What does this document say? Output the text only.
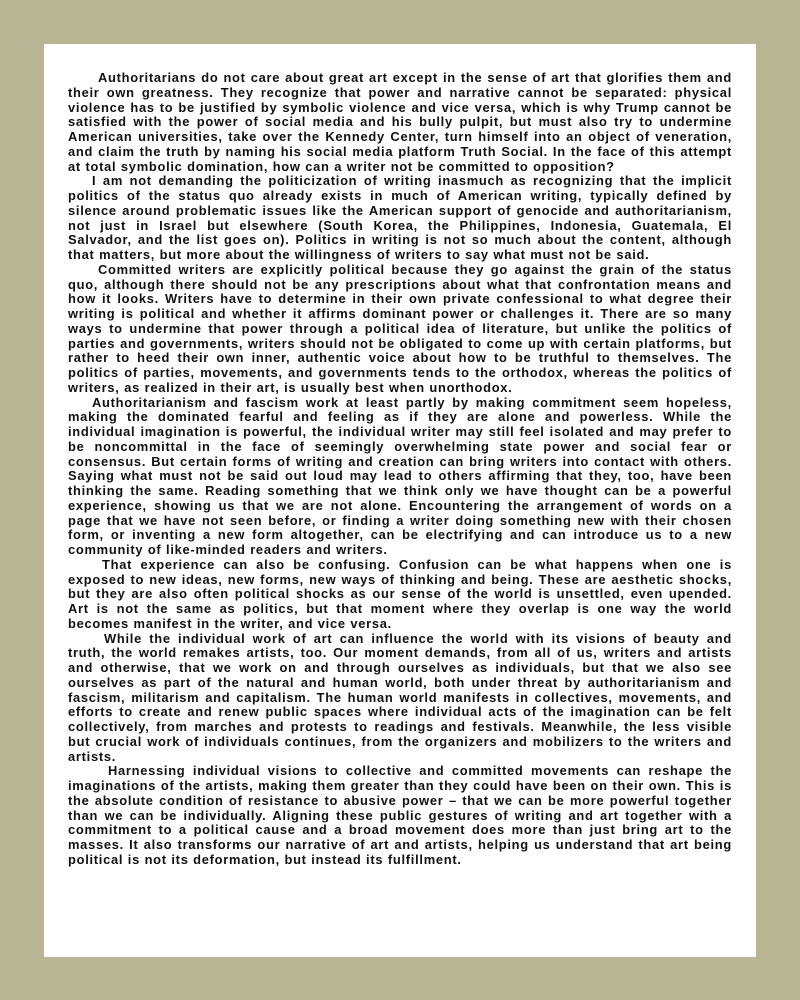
Authoritarians do not care about great art except in the sense of art that glorifies them and their own greatness. They recognize that power and narrative cannot be separated: physical violence has to be justified by symbolic violence and vice versa, which is why Trump cannot be satisfied with the power of social media and his bully pulpit, but must also try to undermine American universities, take over the Kennedy Center, turn himself into an object of veneration, and claim the truth by naming his social media platform Truth Social. In the face of this attempt at total symbolic domination, how can a writer not be committed to opposition?

I am not demanding the politicization of writing inasmuch as recognizing that the implicit politics of the status quo already exists in much of American writing, typically defined by silence around problematic issues like the American support of genocide and authoritarianism, not just in Israel but elsewhere (South Korea, the Philippines, Indonesia, Guatemala, El Salvador, and the list goes on). Politics in writing is not so much about the content, although that matters, but more about the willingness of writers to say what must not be said.

Committed writers are explicitly political because they go against the grain of the status quo, although there should not be any prescriptions about what that confrontation means and how it looks. Writers have to determine in their own private confessional to what degree their writing is political and whether it affirms dominant power or challenges it. There are so many ways to undermine that power through a political idea of literature, but unlike the politics of parties and governments, writers should not be obligated to come up with certain platforms, but rather to heed their own inner, authentic voice about how to be truthful to themselves. The politics of parties, movements, and governments tends to the orthodox, whereas the politics of writers, as realized in their art, is usually best when unorthodox.

Authoritarianism and fascism work at least partly by making commitment seem hopeless, making the dominated fearful and feeling as if they are alone and powerless. While the individual imagination is powerful, the individual writer may still feel isolated and may prefer to be noncommittal in the face of seemingly overwhelming state power and social fear or consensus. But certain forms of writing and creation can bring writers into contact with others. Saying what must not be said out loud may lead to others affirming that they, too, have been thinking the same. Reading something that we think only we have thought can be a powerful experience, showing us that we are not alone. Encountering the arrangement of words on a page that we have not seen before, or finding a writer doing something new with their chosen form, or inventing a new form altogether, can be electrifying and can introduce us to a new community of like-minded readers and writers.

That experience can also be confusing. Confusion can be what happens when one is exposed to new ideas, new forms, new ways of thinking and being. These are aesthetic shocks, but they are also often political shocks as our sense of the world is unsettled, even upended. Art is not the same as politics, but that moment where they overlap is one way the world becomes manifest in the writer, and vice versa.

While the individual work of art can influence the world with its visions of beauty and truth, the world remakes artists, too. Our moment demands, from all of us, writers and artists and otherwise, that we work on and through ourselves as individuals, but that we also see ourselves as part of the natural and human world, both under threat by authoritarianism and fascism, militarism and capitalism. The human world manifests in collectives, movements, and efforts to create and renew public spaces where individual acts of the imagination can be felt collectively, from marches and protests to readings and festivals. Meanwhile, the less visible but crucial work of individuals continues, from the organizers and mobilizers to the writers and artists.

Harnessing individual visions to collective and committed movements can reshape the imaginations of the artists, making them greater than they could have been on their own. This is the absolute condition of resistance to abusive power – that we can be more powerful together than we can be individually. Aligning these public gestures of writing and art together with a commitment to a political cause and a broad movement does more than just bring art to the masses. It also transforms our narrative of art and artists, helping us understand that art being political is not its deformation, but instead its fulfillment.
